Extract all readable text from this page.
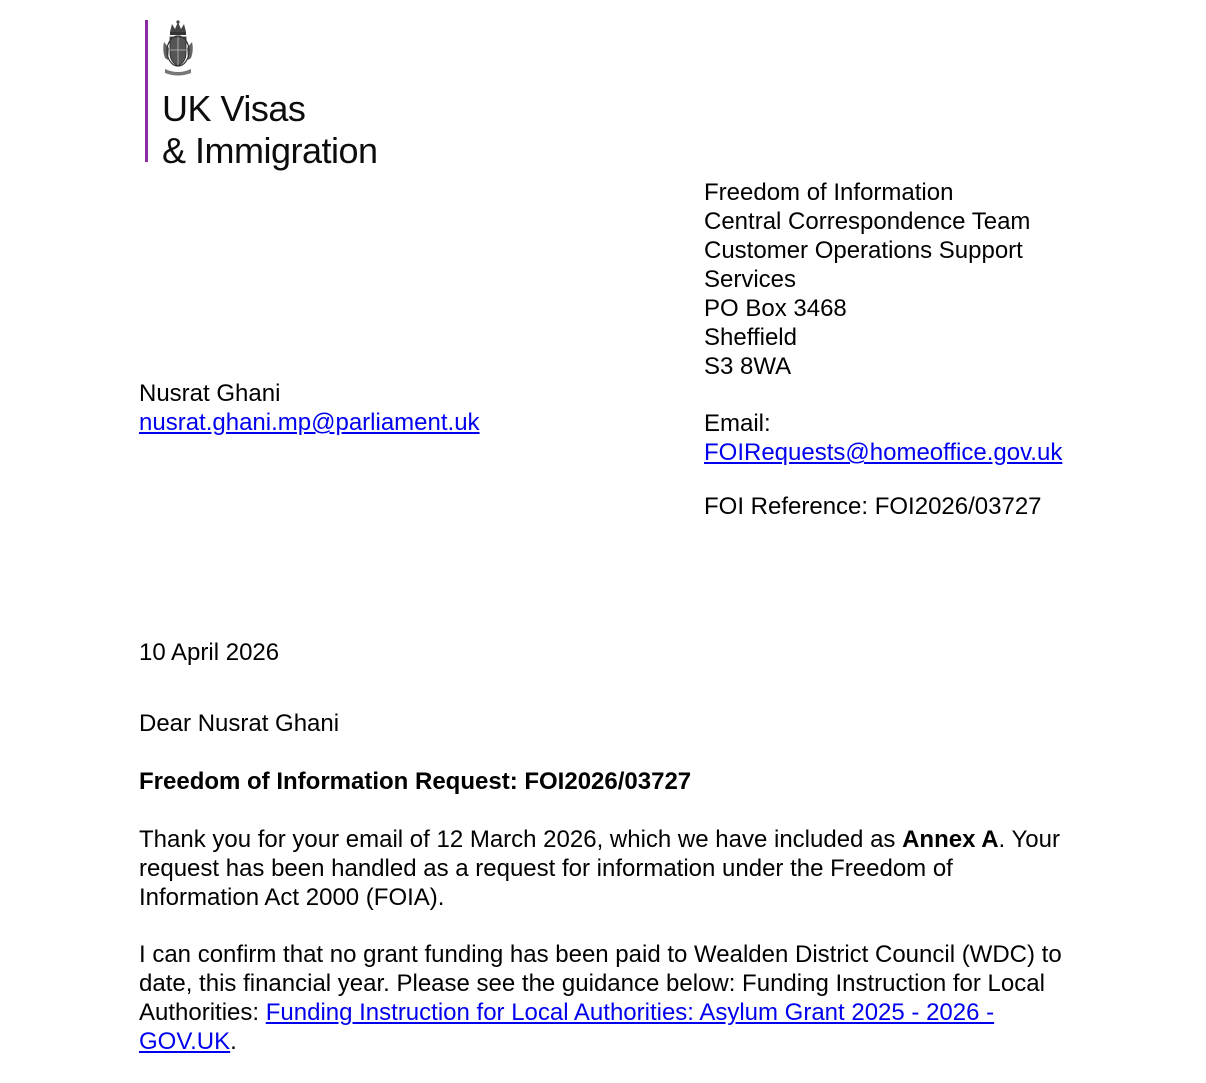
UK Visas
& Immigration
Freedom of Information
Central Correspondence Team
Customer Operations Support
Services
PO Box 3468
Sheffield
S3 8WA
Email:
FOIRequests@homeoffice.gov.uk
FOI Reference: FOI2026/03727
Nusrat Ghani
nusrat.ghani.mp@parliament.uk
10 April 2026
Dear Nusrat Ghani
Freedom of Information Request: FOI2026/03727

Thank you for your email of 12 March 2026, which we have included as Annex A. Your request has been handled as a request for information under the Freedom of Information Act 2000 (FOIA).

I can confirm that no grant funding has been paid to Wealden District Council (WDC) to date, this financial year. Please see the guidance below: Funding Instruction for Local Authorities: Funding Instruction for Local Authorities: Asylum Grant 2025 - 2026 - GOV.UK.
